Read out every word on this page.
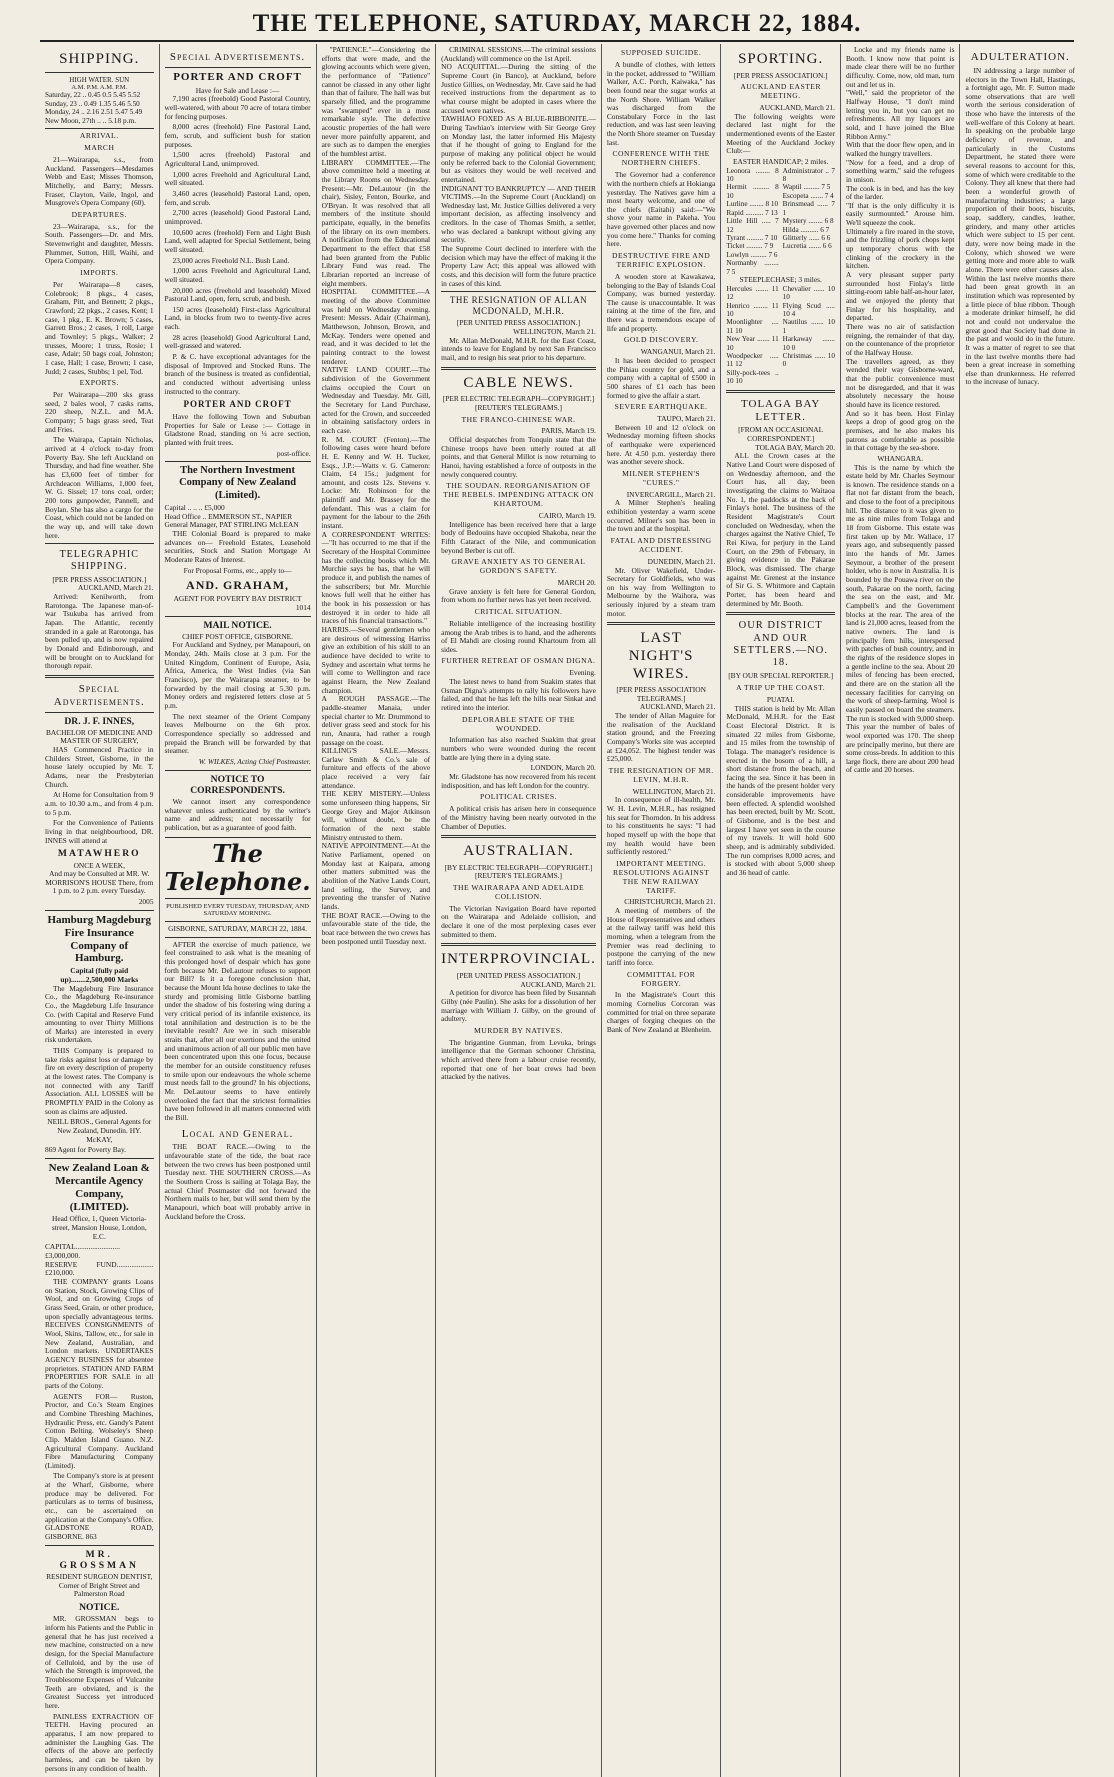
THE TELEPHONE, SATURDAY, MARCH 22, 1884.
SHIPPING.
HIGH WATER. SUN
A.M. P.M. A.M. P.M.
Saturday, 22 .. 0.45 0.5 5.45 5.52
Sunday, 23 .. 0.49 1.35 5.46 5.50
Monday, 24 .. 2.16 2.51 5.47 5.49
New Moon, 27th .. .. 5.18 p.m.
ARRIVAL.
MARCH

21—Wairarapa, s.s., from Auckland. Passengers—Mesdames Webb and East; Misses Thomson, Mitchelly, and Barry; Messrs. Fraser, Clayton, Vaile, Ingol, and Musgrove's Opera Company (60).

DEPARTURES.

23—Wairarapa, s.s., for the South. Passengers—Dr. and Mrs. Stevenwright and daughter, Messrs. Plummer, Sutton, Hill, Waihi, and Opera Company.

IMPORTS.

Per Wairarapa—8 cases, Colebrook; 8 pkgs., 4 cases, Graham, Pitt, and Bennett; 2 pkgs., Crawford; 22 pkgs., 2 cases, Kent; 1 case, 1 pkg., E. K. Brown; 5 cases, Garrett Bros.; 2 cases, 1 roll, Large and Townley; 5 pkgs., Walker; 2 trusses, Moore; 1 truss, Rosie; 1 case, Adair; 50 bags coal, Johnston; 1 case, Hall; 1 case, Brown; 1 case, Judd; 2 cases, Stubbs; 1 pel, Tod.

EXPORTS.

Per Wairarapa—200 sks grass seed, 2 bales wool, 7 casks rams, 220 sheep, N.Z.L. and M.A. Company; 5 bags grass seed, Teat and Fries.

The Wairapa, Captain Nicholas, arrived at 4 o'clock to-day from Poverty Bay. She left Auckland on Thursday, and had fine weather. She has £3,600 feet of timber for Archdeacon Williams, 1,000 feet, W. G. Sissel; 17 tons coal, order; 200 tons gunpowder, Pannell, and Boylan. She has also a cargo for the Coast, which could not be landed on the way up, and will take down here.

TELEGRAPHIC SHIPPING.
[PER PRESS ASSOCIATION.]
AUCKLAND, March 21.

Arrived: Kenilworth, from Rarotonga. The Japanese man-of-war Tsukuba has arrived from Japan. The Atlantic, recently stranded in a gale at Rarotonga, has been pulled up, and is now repaired by Donald and Edinborough, and will be brought on to Auckland for thorough repair.

Special Advertisements.
DR. J. F. INNES,
BACHELOR OF MEDICINE AND MASTER OF SURGERY,

HAS Commenced Practice in Childers Street, Gisborne, in the house lately occupied by Mr. T. Adams, near the Presbyterian Church.

At Home for Consultation from 9 a.m. to 10.30 a.m., and from 4 p.m. to 5 p.m.

For the Convenience of Patients living in that neighbourhood, DR. INNES will attend at

MATAWHERO
ONCE A WEEK,

And may be Consulted at MR. W. MORRISON'S HOUSE There, from 1 p.m. to 2 p.m. every Tuesday.

2005
Hamburg Magdeburg Fire Insurance Company of Hamburg.
Capital (fully paid up)........2,500,000 Marks

The Magdeburg Fire Insurance Co., the Magdeburg Re-insurance Co., the Magdeburg Life Insurance Co. (with Capital and Reserve Fund amounting to over Thirty Millions of Marks) are interested in every risk undertaken.

THIS Company is prepared to take risks against loss or damage by fire on every description of property at the lowest rates. The Company is not connected with any Tariff Association. ALL LOSSES will be PROMPTLY PAID in the Colony as soon as claims are adjusted.

NEILL BROS., General Agents for New Zealand, Dunedin. HY. McKAY,

869 Agent for Poverty Bay.
New Zealand Loan & Mercantile Agency Company, (LIMITED).

Head Office, 1, Queen Victoria-street, Mansion House, London, E.C.

CAPITAL........................£3,000,000.
RESERVE FUND....................£210,000.

THE COMPANY grants Loans on Station, Stock, Growing Clips of Wool, and on Growing Crops of Grass Seed, Grain, or other produce, upon specially advantageous terms. RECEIVES CONSIGNMENTS of Wool, Skins, Tallow, etc., for sale in New Zealand, Australian, and London markets. UNDERTAKES AGENCY BUSINESS for absentee proprietors. STATION AND FARM PROPERTIES FOR SALE in all parts of the Colony.

AGENTS FOR— Ruston, Proctor, and Co.'s Steam Engines and Combine Threshing Machines, Hydraulic Press, etc. Gandy's Patent Cotton Belting. Wolseley's Sheep Clip. Malden Island Guano. N.Z. Agricultural Company. Auckland Fibre Manufacturing Company (Limited).

The Company's store is at present at the Wharf, Gisborne, where produce may be delivered. For particulars as to terms of business, etc., can be ascertained on application at the Company's Office. GLADSTONE ROAD, GISBORNE. 863

MR. GROSSMAN

RESIDENT SURGEON DENTIST, Corner of Bright Street and Palmerston Road

NOTICE.

MR. GROSSMAN begs to inform his Patients and the Public in general that he has just received a new machine, constructed on a new design, for the Special Manufacture of Celluloid, and by the use of which the Strength is improved, the Troublesome Expenses of Vulcanite Teeth are obviated, and is the Greatest Success yet introduced here.

PAINLESS EXTRACTION OF TEETH. Having procured an apparatus, I am now prepared to administer the Laughing Gas. The effects of the above are perfectly harmless, and can be taken by persons in any condition of health.

Special Advertisements.
PORTER AND CROFT
Have for Sale and Lease :—

7,190 acres (freehold) Good Pastoral Country, well-watered, with about 70 acre of totara timber for fencing purposes.

8,000 acres (freehold) Fine Pastoral Land, fern, scrub, and sufficient bush for station purposes.

1,500 acres (freehold) Pastoral and Agricultural Land, unimproved.

1,000 acres Freehold and Agricultural Land, well situated.

3,460 acres (leasehold) Pastoral Land, open, fern, and scrub.

2,700 acres (leasehold) Good Pastoral Land, unimproved.

10,600 acres (freehold) Fern and Light Bush Land, well adapted for Special Settlement, being well situated.

23,000 acres Freehold N.L. Bush Land.

1,000 acres Freehold and Agricultural Land, well situated.

20,000 acres (freehold and leasehold) Mixed Pastoral Land, open, fern, scrub, and bush.

150 acres (leasehold) First-class Agricultural Land, in blocks from two to twenty-five acres each.

28 acres (leasehold) Good Agricultural Land, well-grassed and watered.

P. & C. have exceptional advantages for the disposal of Improved and Stocked Runs. The branch of the business is treated as confidential, and conducted without advertising unless instructed to the contrary.

PORTER AND CROFT

Have the following Town and Suburban Properties for Sale or Lease :— Cottage in Gladstone Road, standing on ¼ acre section, planted with fruit trees.

post-office.
The Northern Investment Company of New Zealand (Limited).
Capital .. .. .. £5,000
Head Office .. EMMERSON ST., NAPIER
General Manager, PAT STIRLING McLEAN

THE Colonial Board is prepared to make advances on— Freehold Estates, Leasehold securities, Stock and Station Mortgage At Moderate Rates of Interest.

For Proposal Forms, etc., apply to—
AND. GRAHAM,
AGENT FOR POVERTY BAY DISTRICT
1014
MAIL NOTICE.
CHIEF POST OFFICE, GISBORNE.

For Auckland and Sydney, per Manapouri, on Monday, 24th. Mails close at 3 p.m. For the United Kingdom, Continent of Europe, Asia, Africa, America, the West Indies (via San Francisco), per the Wairarapa steamer, to be forwarded by the mail closing at 5.30 p.m. Money orders and registered letters close at 5 p.m.

The next steamer of the Orient Company leaves Melbourne on the 6th prox. Correspondence specially so addressed and prepaid the Branch will be forwarded by that steamer.

W. WILKES, Acting Chief Postmaster.
NOTICE TO CORRESPONDENTS.

We cannot insert any correspondence whatever unless authenticated by the writer's name and address; not necessarily for publication, but as a guarantee of good faith.

The Telephone.
PUBLISHED EVERY TUESDAY, THURSDAY, AND SATURDAY MORNING.
GISBORNE, SATURDAY, MARCH 22, 1884.

AFTER the exercise of much patience, we feel constrained to ask what is the meaning of this prolonged howl of despair which has gone forth because Mr. DeLautour refuses to support our Bill? Is it a foregone conclusion that, because the Mount Ida house declines to take the sturdy and promising little Gisborne battling under the shadow of his fostering wing during a very critical period of its infantile existence, its total annihilation and destruction is to be the inevitable result? Are we in such miserable straits that, after all our exertions and the united and unanimous action of all our public men have been concentrated upon this one focus, because the member for an outside constituency refuses to smile upon our endeavours the whole scheme must needs fall to the ground? In his objections, Mr. DeLautour seems to have entirely overlooked the fact that the strictest formalities have been followed in all matters connected with the Bill.

Local and General.

THE BOAT RACE.—Owing to the unfavourable state of the tide, the boat race between the two crews has been postponed until Tuesday next. THE SOUTHERN CROSS.—As the Southern Cross is sailing at Tolaga Bay, the actual Chief Postmaster did not forward the Northern mails to her, but will send them by the Manapouri, which boat will probably arrive in Auckland before the Cross.

"PATIENCE."—Considering the efforts that were made, and the glowing accounts which were given, the performance of "Patience" cannot be classed in any other light than that of failure. The hall was but sparsely filled, and the programme was "swamped" ever in a most remarkable style. The defective acoustic properties of the hall were never more painfully apparent, and are such as to dampen the energies of the humblest artist.
LIBRARY COMMITTEE.—The above committee held a meeting at the Library Rooms on Wednesday. Present:—Mr. DeLautour (in the chair), Sisley, Fenton, Bourke, and O'Bryan. It was resolved that all members of the institute should participate, equally, in the benefits of the library on its own members. A notification from the Educational Department to the effect that £58 had been granted from the Public Library Fund was read. The Librarian reported an increase of eight members.
HOSPITAL COMMITTEE.—A meeting of the above Committee was held on Wednesday evening. Present: Messrs. Adair (Chairman), Matthewson, Johnson, Brown, and McKay. Tenders were opened and read, and it was decided to let the painting contract to the lowest tenderer.
NATIVE LAND COURT.—The subdivision of the Government claims occupied the Court on Wednesday and Tuesday. Mr. Gill, the Secretary for Land Purchase, acted for the Crown, and succeeded in obtaining satisfactory orders in each case.
R. M. COURT (Fenton).—The following cases were heard before H. E. Kenny and W. H. Tucker, Esqs., J.P.:—Watts v. G. Cameron: Claim, £4 15s.; judgment for amount, and costs 12s. Stevens v. Locke: Mr. Robinson for the plaintiff and Mr. Brassey for the defendant. This was a claim for payment for the labour to the 26th instant.
A CORRESPONDENT WRITES:—"It has occurred to me that if the Secretary of the Hospital Committee has the collecting books which Mr. Murchie says he has, that he will produce it, and publish the names of the subscribers; but Mr. Murchie knows full well that he either has the book in his possession or has destroyed it in order to hide all traces of his financial transactions."
HARRIS.—Several gentlemen who are desirous of witnessing Harriss give an exhibition of his skill to an audience have decided to write to Sydney and ascertain what terms he will come to Wellington and race against Hearn, the New Zealand champion.
A ROUGH PASSAGE.—The paddle-steamer Manaia, under special charter to Mr. Drummond to deliver grass seed and stock for his run, Anaura, had rather a rough passage on the coast.
KILLING'S SALE.—Messrs. Carlaw Smith & Co.'s sale of furniture and effects of the above place received a very fair attendance.
THE KERY MISTERY.—Unless some unforeseen thing happens, Sir George Grey and Major Atkinson will, without doubt, be the formation of the next stable Ministry entrusted to them.
NATIVE APPOINTMENT.—At the Native Parliament, opened on Monday last at Kaipara, among other matters submitted was the abolition of the Native Lands Court, land selling, the Survey, and preventing the transfer of Native lands.
THE BOAT RACE.—Owing to the unfavourable state of the tide, the boat race between the two crews has been postponed until Tuesday next.

CRIMINAL SESSIONS.—The criminal sessions (Auckland) will commence on the 1st April.
NO ACQUITTAL.—During the sitting of the Supreme Court (in Banco), at Auckland, before Justice Gillies, on Wednesday, Mr. Cave said he had received instructions from the department as to what course might be adopted in cases where the accused were natives.
TAWHIAO FOXED AS A BLUE-RIBBONITE.—During Tawhiao's interview with Sir George Grey on Monday last, the latter informed His Majesty that if he thought of going to England for the purpose of making any political object he would only be referred back to the Colonial Government; but as visitors they would be well received and entertained.
INDIGNANT TO BANKRUPTCY — AND THEIR VICTIMS.—In the Supreme Court (Auckland) on Wednesday last, Mr. Justice Gillies delivered a very important decision, as affecting insolvency and creditors. In the case of Thomas Smith, a settler, who was declared a bankrupt without giving any security.
The Supreme Court declined to interfere with the decision which may have the effect of making it the Property Law Act; this appeal was allowed with costs, and this decision will form the future practice in cases of this kind.

THE RESIGNATION OF ALLAN MCDONALD, M.H.R.
[PER UNITED PRESS ASSOCIATION.]
WELLINGTON, March 21.

Mr. Allan McDonald, M.H.R. for the East Coast, intends to leave for England by next San Francisco mail, and to resign his seat prior to his departure.

CABLE NEWS.
[PER ELECTRIC TELEGRAPH—COPYRIGHT.] [REUTER'S TELEGRAMS.]
THE FRANCO-CHINESE WAR.
PARIS, March 19.

Official despatches from Tonquin state that the Chinese troops have been utterly routed at all points, and that General Millot is now returning to Hanoi, having established a force of outposts in the newly conquered country.

THE SOUDAN. REORGANISATION OF THE REBELS. IMPENDING ATTACK ON KHARTOUM.
CAIRO, March 19.

Intelligence has been received here that a large body of Bedouins have occupied Shakoba, near the Fifth Cataract of the Nile, and communication beyond Berber is cut off.

GRAVE ANXIETY AS TO GENERAL GORDON'S SAFETY.
MARCH 20.

Grave anxiety is felt here for General Gordon, from whom no further news has yet been received.

CRITICAL SITUATION.

Reliable intelligence of the increasing hostility among the Arab tribes is to hand, and the adherents of El Mahdi are closing round Khartoum from all sides.

FURTHER RETREAT OF OSMAN DIGNA.
Evening.

The latest news to hand from Suakim states that Osman Digna's attempts to rally his followers have failed, and that he has left the hills near Sinkat and retired into the interior.

DEPLORABLE STATE OF THE WOUNDED.

Information has also reached Suakim that great numbers who were wounded during the recent battle are lying there in a dying state.

LONDON, March 20.

Mr. Gladstone has now recovered from his recent indisposition, and has left London for the country.

POLITICAL CRISES.

A political crisis has arisen here in consequence of the Ministry having been nearly outvoted in the Chamber of Deputies.

AUSTRALIAN.
[BY ELECTRIC TELEGRAPH—COPYRIGHT.] [REUTER'S TELEGRAMS.]
THE WAIRARAPA AND ADELAIDE COLLISION.

The Victorian Navigation Board have reported on the Wairarapa and Adelaide collision, and declare it one of the most perplexing cases ever submitted to them.

INTERPROVINCIAL.
[PER UNITED PRESS ASSOCIATION.]
AUCKLAND, March 21.

A petition for divorce has been filed by Susannah Gilby (née Paulin). She asks for a dissolution of her marriage with William J. Gilby, on the ground of adultery.

MURDER BY NATIVES.

The brigantine Gunman, from Levuka, brings intelligence that the German schooner Christina, which arrived there from a labour cruise recently, reported that one of her boat crews had been attacked by the natives.

SUPPOSED SUICIDE.

A bundle of clothes, with letters in the pocket, addressed to "William Walker, A.C. Porch, Kaiwaka," has been found near the sugar works at the North Shore. William Walker was discharged from the Constabulary Force in the last reduction, and was last seen leaving the North Shore steamer on Tuesday last.

CONFERENCE WITH THE NORTHERN CHIEFS.

The Governor had a conference with the northern chiefs at Hokianga yesterday. The Natives gave him a most hearty welcome, and one of the chiefs (Eaitahi) said:—"We shove your name in Pakeha. You have governed other places and now you come here." Thanks for coming here.

DESTRUCTIVE FIRE AND TERRIFIC EXPLOSION.

A wooden store at Kawakawa, belonging to the Bay of Islands Coal Company, was burned yesterday. The cause is unaccountable. It was raining at the time of the fire, and there was a tremendous escape of life and property.

GOLD DISCOVERY.
WANGANUI, March 21.

It has been decided to prospect the Pihiau country for gold, and a company with a capital of £500 in 500 shares of £1 each has been formed to give the affair a start.

SEVERE EARTHQUAKE.
TAUPO, March 21.

Between 10 and 12 o'clock on Wednesday morning fifteen shocks of earthquake were experienced here. At 4.50 p.m. yesterday there was another severe shock.

MILNER STEPHEN'S "CURES."
INVERCARGILL, March 21.

A Milner Stephen's healing exhibition yesterday a warm scene occurred. Milner's son has been in the town and at the hospital.

FATAL AND DISTRESSING ACCIDENT.
DUNEDIN, March 21.

Mr. Oliver Wakefield, Under-Secretary for Goldfields, who was on his way from Wellington to Melbourne by the Waihora, was seriously injured by a steam tram motor.

LAST NIGHT'S WIRES.
[PER PRESS ASSOCIATION TELEGRAMS.]
AUCKLAND, March 21.

The tender of Allan Maguire for the realisation of the Auckland station ground, and the Freezing Company's Works site was accepted at £24,052. The highest tender was £25,000.

THE RESIGNATION OF MR. LEVIN, M.H.R.
WELLINGTON, March 21.

In consequence of ill-health, Mr. W. H. Levin, M.H.R., has resigned his seat for Thorndon. In his address to his constituents he says: "I had hoped myself up with the hope that my health would have been sufficiently restored."

IMPORTANT MEETING. RESOLUTIONS AGAINST THE NEW RAILWAY TARIFF.
CHRISTCHURCH, March 21.

A meeting of members of the House of Representatives and others at the railway tariff was held this morning, when a telegram from the Premier was read declining to postpone the carrying of the new tariff into force.

COMMITTAL FOR FORGERY.

In the Magistrate's Court this morning Cornelius Corcoran was committed for trial on three separate charges of forging cheques on the Bank of New Zealand at Blenheim.

SPORTING.
[PER PRESS ASSOCIATION.]
AUCKLAND EASTER MEETING.
AUCKLAND, March 21.

The following weights were declared last night for the undermentioned events of the Easter Meeting of the Auckland Jockey Club:—

EASTER HANDICAP; 2 miles.
Leonora ........ 8 10
Hermit ......... 8 10
Lurline ........ 8 10
Rapid .......... 7 13
Little Hill ..... 7 12
Tyrant ......... 7 10
Ticket ......... 7 9
Lowlyn ......... 7 6
Normanby ........ 7 5
Administrator .. 7 8
Waptil ......... 7 5
Escopeta ....... 7 4
Brinsmead ...... 7 1
Mystery ........ 6 8
Hilda .......... 6 7
Glitterly ...... 6 6
Lucretia ....... 6 6
STEEPLECHASE; 3 miles.
Hercules ....... 11 12
Henrico ........ 11 10
Moonlighter .... 11 10
New Year ....... 11 10
Woodpecker ..... 11 12
Silly-pock-tees .. 10 10
Chevalier ...... 10 10
Flying Scud ..... 10 4
Nautilus ....... 10 1
Harkaway ....... 10 0
Christmas ...... 10 0
TOLAGA BAY LETTER.
[FROM AN OCCASIONAL CORRESPONDENT.]
TOLAGA BAY, March 20.

ALL the Crown cases at the Native Land Court were disposed of on Wednesday afternoon, and the Court has, all day, been investigating the claims to Waitaoa No. 1, the paddocks at the back of Finlay's hotel. The business of the Resident Magistrate's Court concluded on Wednesday, when the charges against the Native Chief, Te Rei Kiwa, for perjury in the Land Court, on the 29th of February, in giving evidence in the Pakarae Block, was dismissed. The charge against Mr. Grenest at the instance of Sir G. S. Whitmore and Captain Porter, has been heard and determined by Mr. Booth.

OUR DISTRICT AND OUR SETTLERS.—NO. 18.
[BY OUR SPECIAL REPORTER.]
A TRIP UP THE COAST.
PUATAI.

THIS station is held by Mr. Allan McDonald, M.H.R. for the East Coast Electoral District. It is situated 22 miles from Gisborne, and 15 miles from the township of Tolaga. The manager's residence is erected in the bosom of a hill, a short distance from the beach, and facing the sea. Since it has been in the hands of the present holder very considerable improvements have been effected. A splendid woolshed has been erected, built by Mr. Scott, of Gisborne, and is the best and largest I have yet seen in the course of my travels. It will hold 600 sheep, and is admirably subdivided. The run comprises 8,000 acres, and is stocked with about 5,000 sheep and 36 head of cattle.

Locke and my friends name is Booth. I know now that point is made clear there will be no further difficulty. Come, now, old man, turn out and let us in.
"Well," said the proprietor of the Halfway House, "I don't mind letting you in, but you can get no refreshments. All my liquors are sold, and I have joined the Blue Ribbon Army."
With that the door flew open, and in walked the hungry travellers.
"Now for a feed, and a drop of something warm," said the refugees in unison.
The cook is in bed, and has the key of the larder.
"If that is the only difficulty it is easily surmounted." Arouse him. We'll squeeze the cook.
Ultimately a fire roared in the stove, and the frizzling of pork chops kept up temporary chorus with the clinking of the crockery in the kitchen.
A very pleasant supper party surrounded host Finlay's little sitting-room table half-an-hour later, and we enjoyed the plenty that Finlay for his hospitality, and departed.
There was no air of satisfaction reigning, the remainder of that day, on the countenance of the proprietor of the Halfway House.
The travellers agreed, as they wended their way Gisborne-ward, that the public convenience must not be disregarded, and that it was absolutely necessary the house should have its licence restored.
And so it has been. Host Finlay keeps a drop of good grog on the premises, and he also makes his patrons as comfortable as possible in that cottage by the sea-shore.

WHANGARA.

This is the name by which the estate held by Mr. Charles Seymour is known. The residence stands on a flat not far distant from the beach, and close to the foot of a precipitous hill. The distance to it was given to me as nine miles from Tolaga and 18 from Gisborne. This estate was first taken up by Mr. Wallace, 17 years ago, and subsequently passed into the hands of Mr. James Seymour, a brother of the present holder, who is now in Australia. It is bounded by the Pouawa river on the south, Pakarae on the north, facing the sea on the east, and Mr. Campbell's and the Government blocks at the rear. The area of the land is 21,000 acres, leased from the native owners. The land is principally fern hills, interspersed with patches of bush country, and in the rights of the residence slopes in a gentle incline to the sea. About 20 miles of fencing has been erected, and there are on the station all the necessary facilities for carrying on the work of sheep-farming. Wool is easily passed on board the steamers. The run is stocked with 9,000 sheep. This year the number of bales of wool exported was 170. The sheep are principally merino, but there are some cross-breds. In addition to this large flock, there are about 200 head of cattle and 20 horses.

ADULTERATION.

IN addressing a large number of electors in the Town Hall, Hastings, a fortnight ago, Mr. F. Sutton made some observations that are well worth the serious consideration of those who have the interests of the well-welfare of this Colony at heart. In speaking on the probable large deficiency of revenue, and particularly in the Customs Department, he stated there were several reasons to account for this, some of which were creditable to the Colony. They all knew that there had been a wonderful growth of manufacturing industries; a large proportion of their boots, biscuits, soap, saddlery, candles, leather, grindery, and many other articles which were subject to 15 per cent. duty, were now being made in the Colony, which showed we were getting more and more able to walk alone. There were other causes also. Within the last twelve months there had been great growth in an institution which was represented by a little piece of blue ribbon. Though a moderate drinker himself, he did not and could not undervalue the great good that Society had done in the past and would do in the future. It was a matter of regret to see that in the last twelve months there had been a great increase in something else than drunkenness. He referred to the increase of lunacy.
